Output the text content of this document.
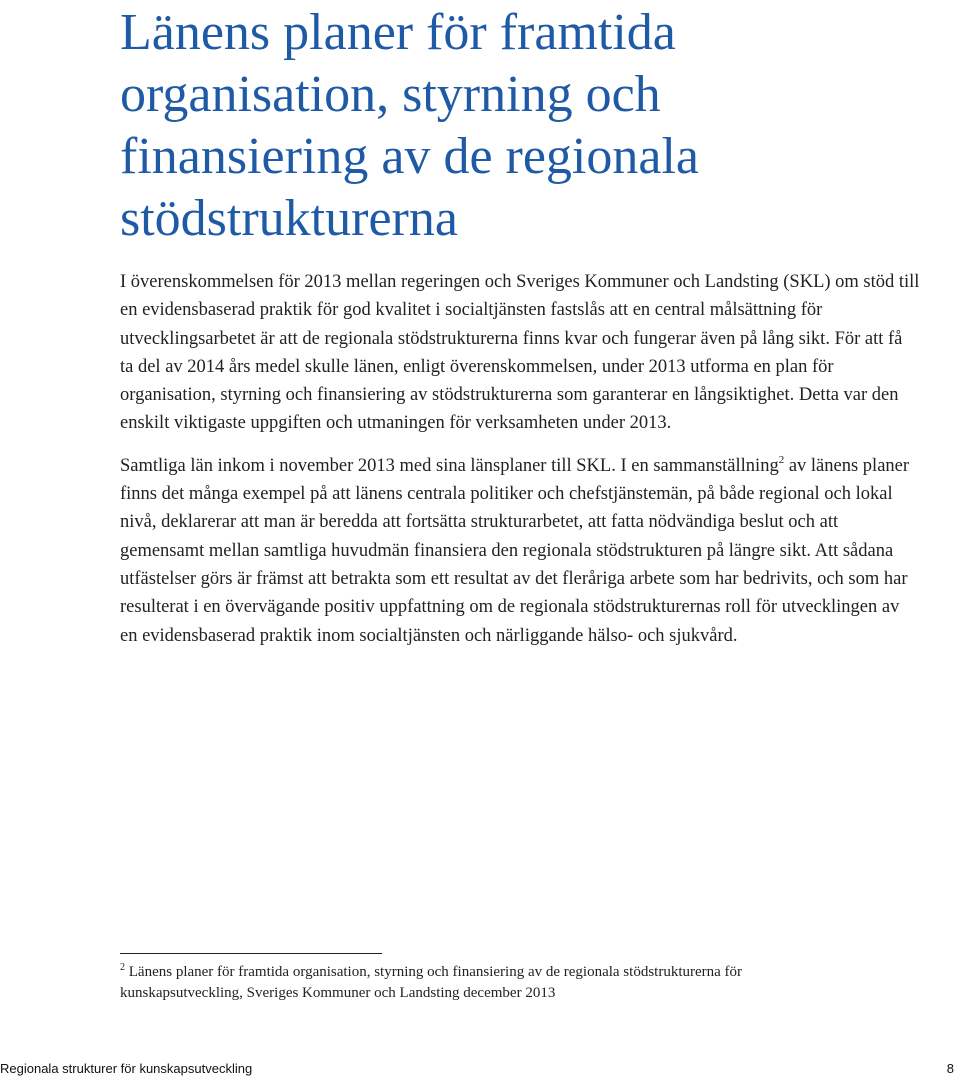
Länens planer för framtida organisation, styrning och finansiering av de regionala stödstrukturerna

I överenskommelsen för 2013 mellan regeringen och Sveriges Kommuner och Landsting (SKL) om stöd till en evidensbaserad praktik för god kvalitet i socialtjänsten fastslås att en central målsättning för utvecklingsarbetet är att de regionala stödstrukturerna finns kvar och fungerar även på lång sikt. För att få ta del av 2014 års medel skulle länen, enligt överenskommelsen, under 2013 utforma en plan för organisation, styrning och finansiering av stödstrukturerna som garanterar en långsiktighet. Detta var den enskilt viktigaste uppgiften och utmaningen för verksamheten under 2013.

Samtliga län inkom i november 2013 med sina länsplaner till SKL. I en sammanställning$^2$ av länens planer finns det många exempel på att länens centrala politiker och chefstjänstemän, på både regional och lokal nivå, deklarerar att man är beredda att fortsätta strukturarbetet, att fatta nödvändiga beslut och att gemensamt mellan samtliga huvudmän finansiera den regionala stödstrukturen på längre sikt. Att sådana utfästelser görs är främst att betrakta som ett resultat av det fleråriga arbete som har bedrivits, och som har resulterat i en övervägande positiv uppfattning om de regionala stödstrukturernas roll för utvecklingen av en evidensbaserad praktik inom socialtjänsten och närliggande hälso- och sjukvård.

$^2$ Länens planer för framtida organisation, styrning och finansiering av de regionala stödstrukturerna för kunskapsutveckling, Sveriges Kommuner och Landsting december 2013
Regionala strukturer för kunskapsutveckling	8
